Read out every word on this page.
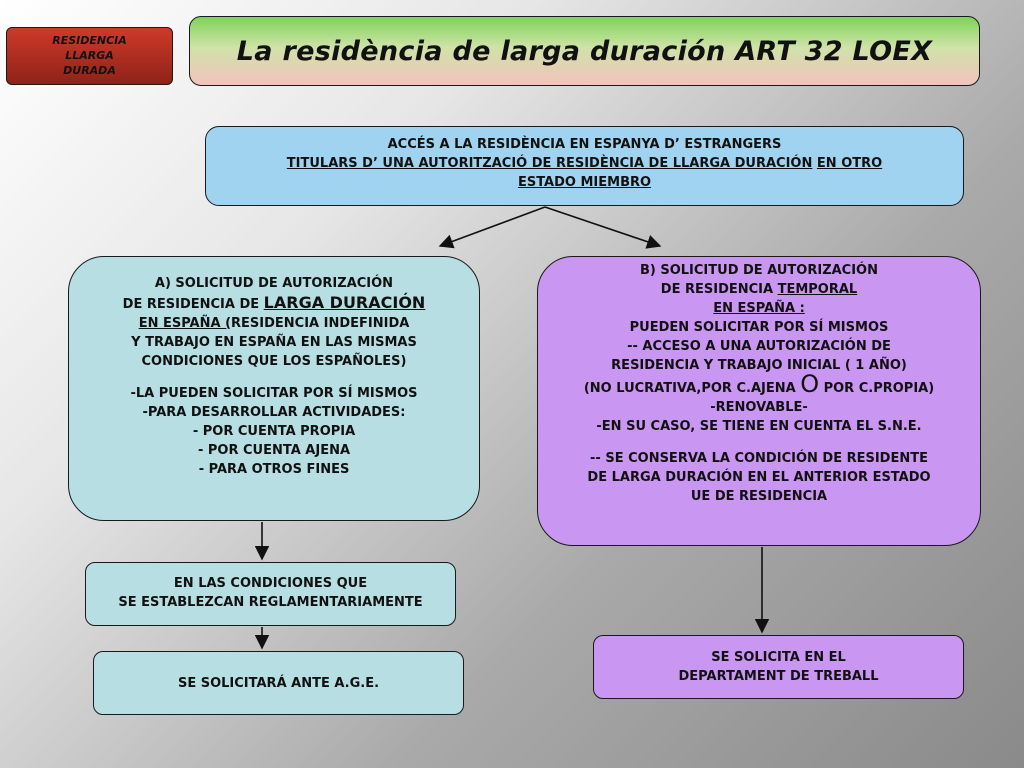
RESIDENCIA
LLARGA
DURADA
La residència de larga duración ART 32 LOEX
ACCÉS A LA RESIDÈNCIA EN ESPANYA D’ ESTRANGERS
TITULARS D’ UNA AUTORITZACIÓ DE RESIDÈNCIA DE LLARGA DURACIÓN EN OTRO
ESTADO MIEMBRO
A) SOLICITUD DE AUTORIZACIÓN
DE RESIDENCIA DE LARGA DURACIÓN
EN ESPAÑA (RESIDENCIA INDEFINIDA
Y TRABAJO EN ESPAÑA EN LAS MISMAS
CONDICIONES QUE LOS ESPAÑOLES)
-LA PUEDEN SOLICITAR POR SÍ MISMOS
-PARA DESARROLLAR ACTIVIDADES:
- POR CUENTA PROPIA
- POR CUENTA AJENA
- PARA OTROS FINES
B) SOLICITUD DE AUTORIZACIÓN
DE RESIDENCIA TEMPORAL
EN ESPAÑA :
PUEDEN SOLICITAR POR SÍ MISMOS
-- ACCESO A UNA AUTORIZACIÓN DE
RESIDENCIA Y TRABAJO INICIAL ( 1 AÑO)
(NO LUCRATIVA,POR C.AJENA O POR C.PROPIA)
-RENOVABLE-
-EN SU CASO, SE TIENE EN CUENTA EL S.N.E.
-- SE CONSERVA LA CONDICIÓN DE RESIDENTE
DE LARGA DURACIÓN EN EL ANTERIOR ESTADO
UE DE RESIDENCIA
EN LAS CONDICIONES QUE
SE ESTABLEZCAN REGLAMENTARIAMENTE
SE SOLICITARÁ ANTE A.G.E.
SE SOLICITA EN EL
DEPARTAMENT DE TREBALL
